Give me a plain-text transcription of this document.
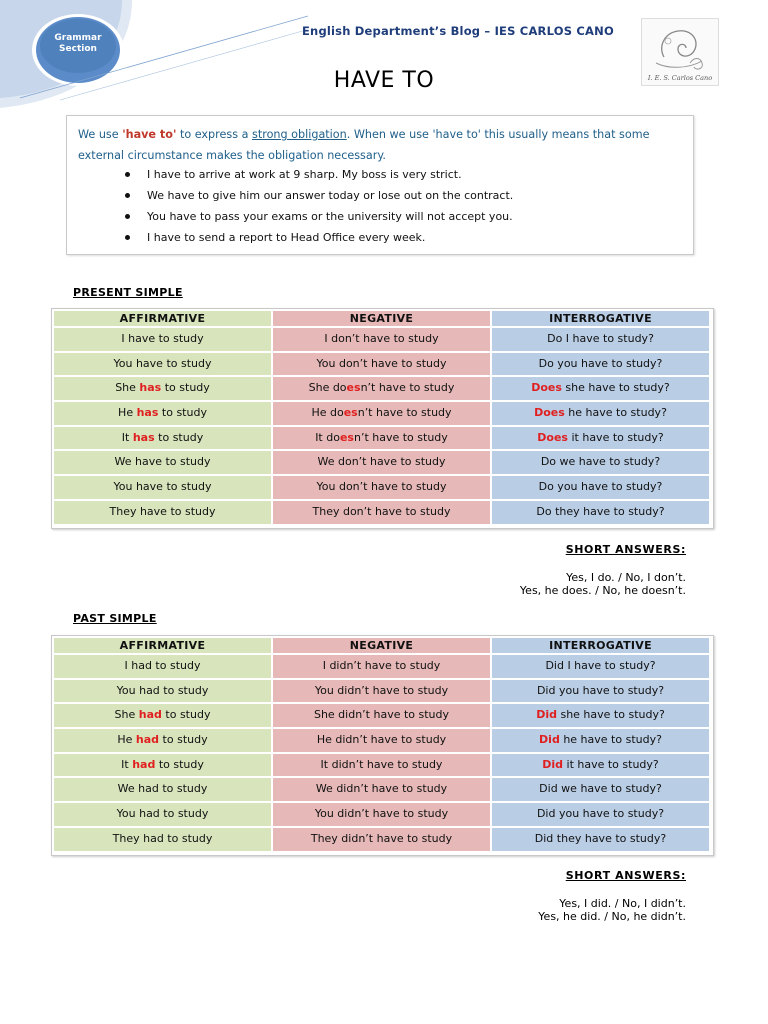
Grammar Section
English Department’s Blog – IES CARLOS CANO
HAVE TO	I. E. S. Carlos Cano
We use 'have to' to express a strong obligation. When we use 'have to' this usually means that some external circumstance makes the obligation necessary.
I have to arrive at work at 9 sharp. My boss is very strict.
We have to give him our answer today or lose out on the contract.
You have to pass your exams or the university will not accept you.
I have to send a report to Head Office every week.
PRESENT SIMPLE
AFFIRMATIVE	NEGATIVE	INTERROGATIVE
I have to study	I don’t have to study	Do I have to study?
You have to study	You don’t have to study	Do you have to study?
She has to study	She doesn’t have to study	Does she have to study?
He has to study	He doesn’t have to study	Does he have to study?
It has to study	It doesn’t have to study	Does it have to study?
We have to study	We don’t have to study	Do we have to study?
You have to study	You don’t have to study	Do you have to study?
They have to study	They don’t have to study	Do they have to study?
SHORT ANSWERS:
Yes, I do. / No, I don’t.
Yes, he does. / No, he doesn’t.
PAST SIMPLE
AFFIRMATIVE	NEGATIVE	INTERROGATIVE
I had to study	I didn’t have to study	Did I have to study?
You had to study	You didn’t have to study	Did you have to study?
She had to study	She didn’t have to study	Did she have to study?
He had to study	He didn’t have to study	Did he have to study?
It had to study	It didn’t have to study	Did it have to study?
We had to study	We didn’t have to study	Did we have to study?
You had to study	You didn’t have to study	Did you have to study?
They had to study	They didn’t have to study	Did they have to study?
SHORT ANSWERS:
Yes, I did. / No, I didn’t.
Yes, he did. / No, he didn’t.
